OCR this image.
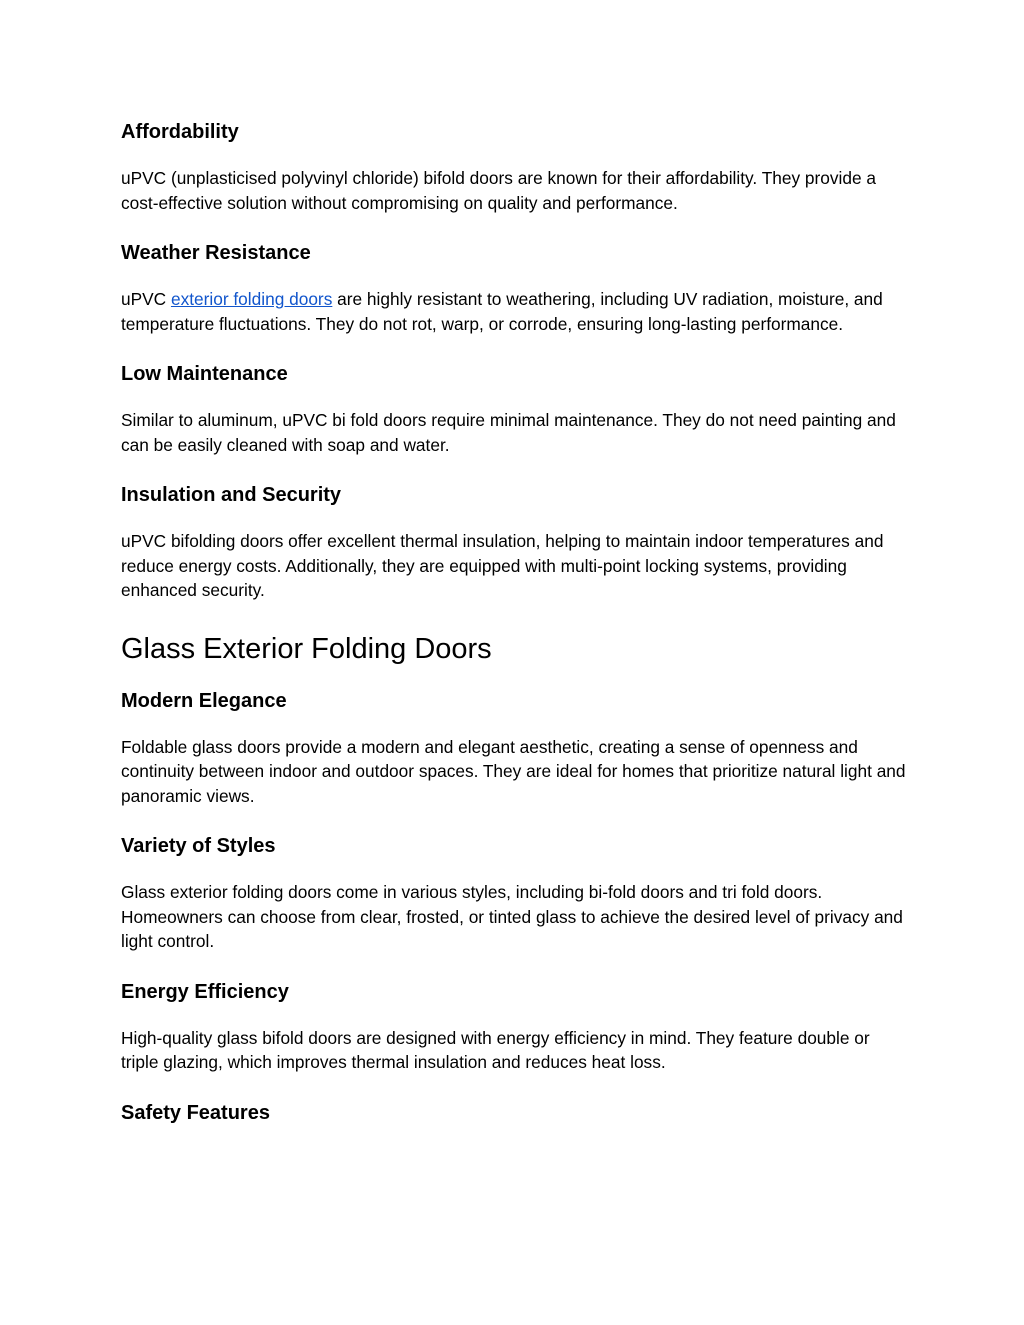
Affordability

uPVC (unplasticised polyvinyl chloride) bifold doors are known for their affordability. They provide a cost-effective solution without compromising on quality and performance.

Weather Resistance

uPVC exterior folding doors are highly resistant to weathering, including UV radiation, moisture, and temperature fluctuations. They do not rot, warp, or corrode, ensuring long-lasting performance.

Low Maintenance

Similar to aluminum, uPVC bi fold doors require minimal maintenance. They do not need painting and can be easily cleaned with soap and water.

Insulation and Security

uPVC bifolding doors offer excellent thermal insulation, helping to maintain indoor temperatures and reduce energy costs. Additionally, they are equipped with multi-point locking systems, providing enhanced security.

Glass Exterior Folding Doors
Modern Elegance

Foldable glass doors provide a modern and elegant aesthetic, creating a sense of openness and continuity between indoor and outdoor spaces. They are ideal for homes that prioritize natural light and panoramic views.

Variety of Styles

Glass exterior folding doors come in various styles, including bi-fold doors and tri fold doors. Homeowners can choose from clear, frosted, or tinted glass to achieve the desired level of privacy and light control.

Energy Efficiency

High-quality glass bifold doors are designed with energy efficiency in mind. They feature double or triple glazing, which improves thermal insulation and reduces heat loss.

Safety Features
